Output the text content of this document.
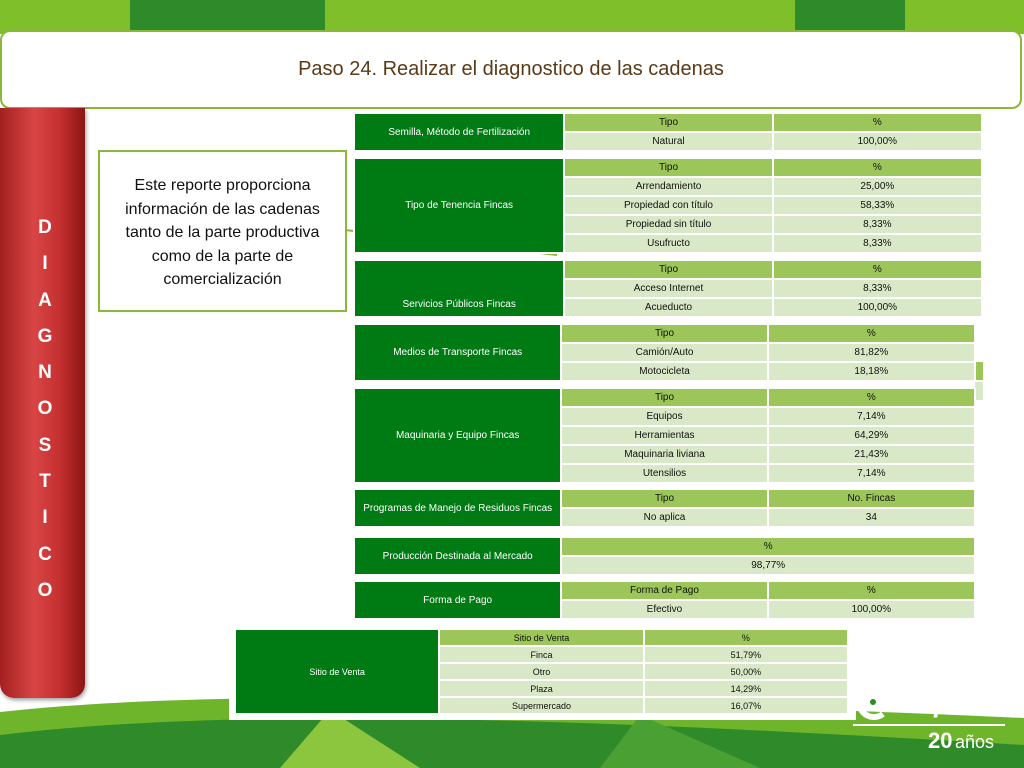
Paso 24. Realizar el diagnostico de las cadenas
D
I
A
G
N
O
S
T
I
C
O
Este reporte proporciona información de las cadenas tanto de la parte productiva como de la parte de comercialización
Semilla, Método de Fertilización	Tipo	%
	Natural	100,00%
Tipo de Tenencia Fincas	Tipo	%
	Arrendamiento	25,00%
	Propiedad con título	58,33%
	Propiedad sin título	8,33%
	Usufructo	8,33%
Servicios Públicos Fincas	Tipo	%
	Acceso Internet	8,33%
	Acueducto	100,00%
Medios de Transporte Fincas	Tipo	%
	Camión/Auto	81,82%
	Motocicleta	18,18%
Maquinaria y Equipo Fincas	Tipo	%
	Equipos	7,14%
	Herramientas	64,29%
	Maquinaria liviana	21,43%
	Utensilios	7,14%
Programas de Manejo de Residuos Fincas	Tipo	No. Fincas
	No aplica	34
Producción Destinada al Mercado	%
98,77%
Forma de Pago	Forma de Pago	%
	Efectivo	100,00%
Sitio de Venta	Sitio de Venta	%
	Finca	51,79%
	Otro	50,00%
	Plaza	14,29%
	Supermercado	16,07%	Corpoica
20 años
